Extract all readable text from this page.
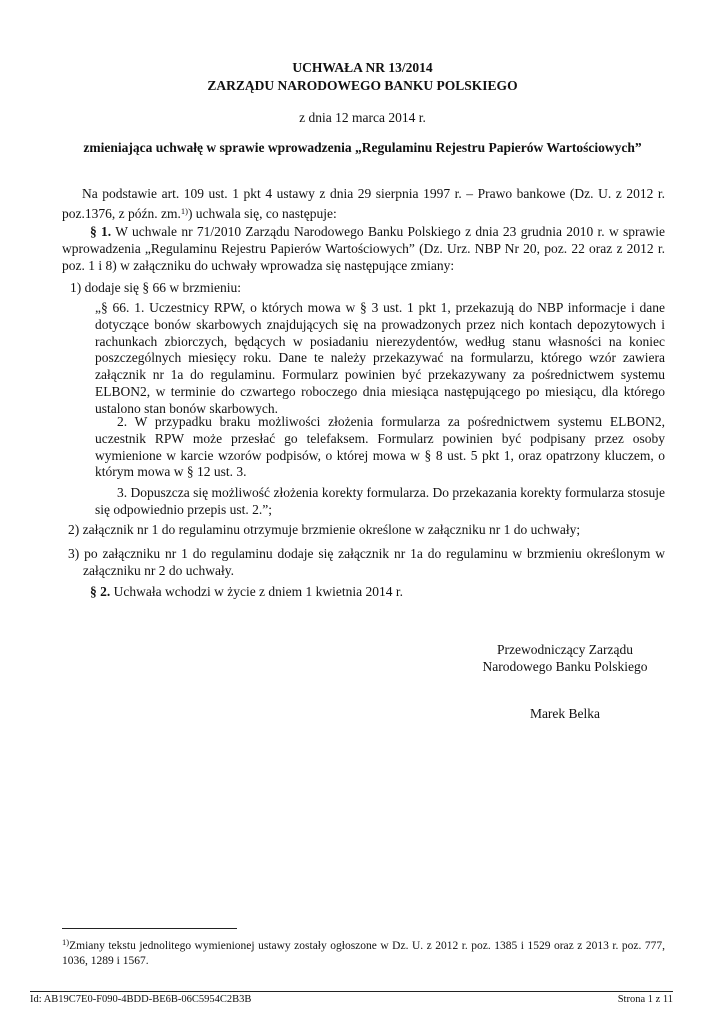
UCHWAŁA NR 13/2014
ZARZĄDU NARODOWEGO BANKU POLSKIEGO
z dnia 12 marca 2014 r.
zmieniająca uchwałę w sprawie wprowadzenia „Regulaminu Rejestru Papierów Wartościowych”
Na podstawie art. 109 ust. 1 pkt 4 ustawy z dnia 29 sierpnia 1997 r. – Prawo bankowe (Dz. U. z 2012 r. poz.1376, z późn. zm.$^{1)}$) uchwala się, co następuje:
§ 1. W uchwale nr 71/2010 Zarządu Narodowego Banku Polskiego z dnia 23 grudnia 2010 r. w sprawie wprowadzenia „Regulaminu Rejestru Papierów Wartościowych” (Dz. Urz. NBP Nr 20, poz. 22 oraz z 2012 r. poz. 1 i 8) w załączniku do uchwały wprowadza się następujące zmiany:
1) dodaje się § 66 w brzmieniu:
„§ 66. 1. Uczestnicy RPW, o których mowa w § 3 ust. 1 pkt 1, przekazują do NBP informacje i dane dotyczące bonów skarbowych znajdujących się na prowadzonych przez nich kontach depozytowych i rachunkach zbiorczych, będących w posiadaniu nierezydentów, według stanu własności na koniec poszczególnych miesięcy roku. Dane te należy przekazywać na formularzu, którego wzór zawiera załącznik nr 1a do regulaminu. Formularz powinien być przekazywany za pośrednictwem systemu ELBON2, w terminie do czwartego roboczego dnia miesiąca następującego po miesiącu, dla którego ustalono stan bonów skarbowych.
2. W przypadku braku możliwości złożenia formularza za pośrednictwem systemu ELBON2, uczestnik RPW może przesłać go telefaksem. Formularz powinien być podpisany przez osoby wymienione w karcie wzorów podpisów, o której mowa w § 8 ust. 5 pkt 1, oraz opatrzony kluczem, o którym mowa w § 12 ust. 3.
3. Dopuszcza się możliwość złożenia korekty formularza. Do przekazania korekty formularza stosuje się odpowiednio przepis ust. 2.”;
2) załącznik nr 1 do regulaminu otrzymuje brzmienie określone w załączniku nr 1 do uchwały;
3) po załączniku nr 1 do regulaminu dodaje się załącznik nr 1a do regulaminu w brzmieniu określonym w załączniku nr 2 do uchwały.
§ 2. Uchwała wchodzi w życie z dniem 1 kwietnia 2014 r.
Przewodniczący Zarządu
Narodowego Banku Polskiego
Marek Belka
$^{1)}$Zmiany tekstu jednolitego wymienionej ustawy zostały ogłoszone w Dz. U. z 2012 r. poz. 1385 i 1529 oraz z 2013 r. poz. 777, 1036, 1289 i 1567.
Id: AB19C7E0-F090-4BDD-BE6B-06C5954C2B3B	Strona 1 z 11
